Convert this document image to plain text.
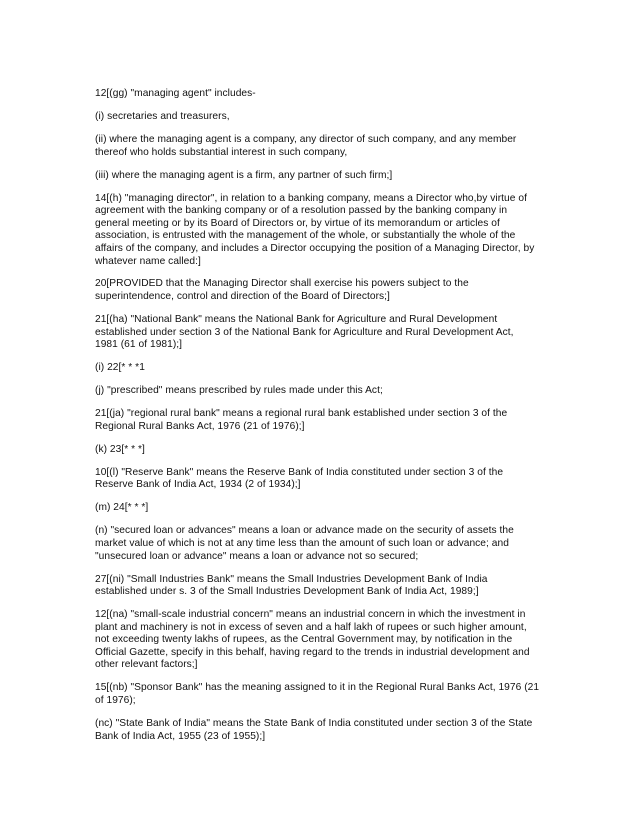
12[(gg) "managing agent" includes-
(i) secretaries and treasurers,
(ii) where the managing agent is a company, any director of such company, and any member
thereof who holds substantial interest in such company,
(iii) where the managing agent is a firm, any partner of such firm;]
14[(h) "managing director", in relation to a banking company, means a Director who,by virtue of
agreement with the banking company or of a resolution passed by the banking company in
general meeting or by its Board of Directors or, by virtue of its memorandum or articles of
association, is entrusted with the management of the whole, or substantially the whole of the
affairs of the company, and includes a Director occupying the position of a Managing Director, by
whatever name called:]
20[PROVIDED that the Managing Director shall exercise his powers subject to the
superintendence, control and direction of the Board of Directors;]
21[(ha) "National Bank" means the National Bank for Agriculture and Rural Development
established under section 3 of the National Bank for Agriculture and Rural Development Act,
1981 (61 of 1981);]
(i) 22[* * *1
(j) "prescribed" means prescribed by rules made under this Act;
21[(ja) "regional rural bank" means a regional rural bank established under section 3 of the
Regional Rural Banks Act, 1976 (21 of 1976);]
(k) 23[* * *]
10[(l) "Reserve Bank" means the Reserve Bank of India constituted under section 3 of the
Reserve Bank of India Act, 1934 (2 of 1934);]
(m) 24[* * *]
(n) "secured loan or advances" means a loan or advance made on the security of assets the
market value of which is not at any time less than the amount of such loan or advance; and
"unsecured loan or advance" means a loan or advance not so secured;
27[(ni) "Small Industries Bank" means the Small Industries Development Bank of India
established under s. 3 of the Small Industries Development Bank of India Act, 1989;]
12[(na) "small-scale industrial concern" means an industrial concern in which the investment in
plant and machinery is not in excess of seven and a half lakh of rupees or such higher amount,
not exceeding twenty lakhs of rupees, as the Central Government may, by notification in the
Official Gazette, specify in this behalf, having regard to the trends in industrial development and
other relevant factors;]
15[(nb) "Sponsor Bank" has the meaning assigned to it in the Regional Rural Banks Act, 1976 (21
of 1976);
(nc) "State Bank of India" means the State Bank of India constituted under section 3 of the State
Bank of India Act, 1955 (23 of 1955);]
